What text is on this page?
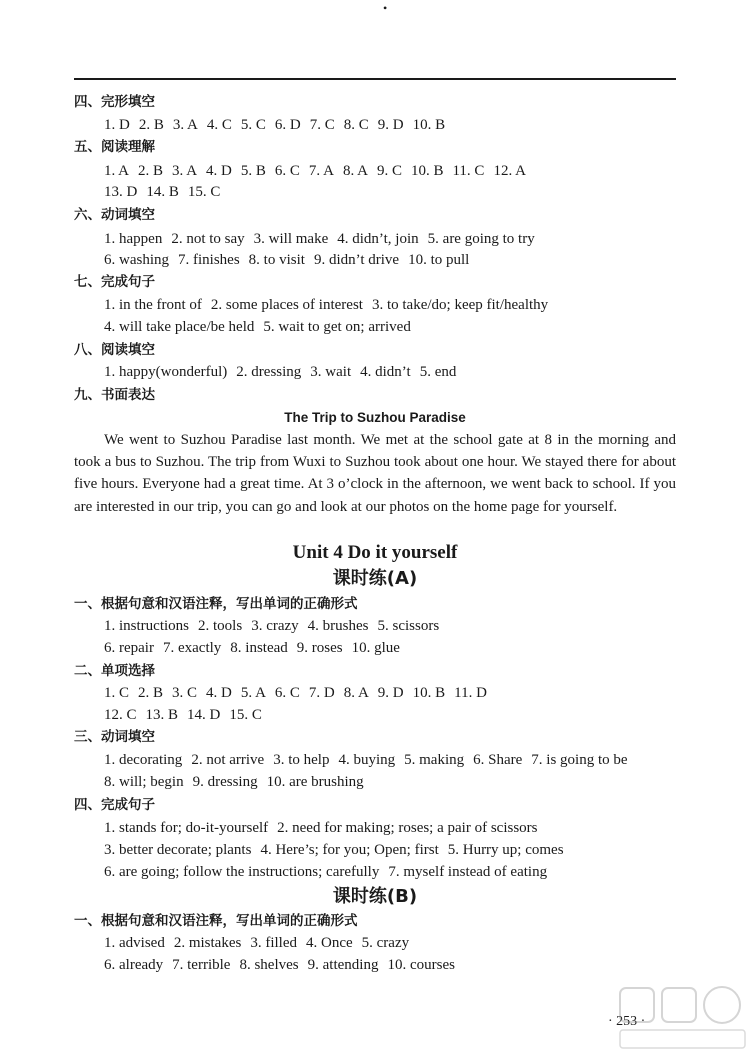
•
四、完形填空
1. D 2. B 3. A 4. C 5. C 6. D 7. C 8. C 9. D 10. B
五、阅读理解
1. A 2. B 3. A 4. D 5. B 6. C 7. A 8. A 9. C 10. B 11. C 12. A
13. D 14. B 15. C
六、动词填空
1. happen 2. not to say 3. will make 4. didn’t, join 5. are going to try
6. washing 7. finishes 8. to visit 9. didn’t drive 10. to pull
七、完成句子
1. in the front of 2. some places of interest 3. to take/do; keep fit/healthy
4. will take place/be held 5. wait to get on; arrived
八、阅读填空
1. happy(wonderful) 2. dressing 3. wait 4. didn’t 5. end
九、书面表达
The Trip to Suzhou Paradise
We went to Suzhou Paradise last month. We met at the school gate at 8 in the morning and took a bus to Suzhou. The trip from Wuxi to Suzhou took about one hour. We stayed there for about five hours. Everyone had a great time. At 3 o’clock in the afternoon, we went back to school. If you are interested in our trip, you can go and look at our photos on the home page for yourself.
Unit 4 Do it yourself
课时练(A)
一、根据句意和汉语注释，写出单词的正确形式
1. instructions 2. tools 3. crazy 4. brushes 5. scissors
6. repair 7. exactly 8. instead 9. roses 10. glue
二、单项选择
1. C 2. B 3. C 4. D 5. A 6. C 7. D 8. A 9. D 10. B 11. D
12. C 13. B 14. D 15. C
三、动词填空
1. decorating 2. not arrive 3. to help 4. buying 5. making 6. Share 7. is going to be
8. will; begin 9. dressing 10. are brushing
四、完成句子
1. stands for; do-it-yourself 2. need for making; roses; a pair of scissors
3. better decorate; plants 4. Here’s; for you; Open; first 5. Hurry up; comes
6. are going; follow the instructions; carefully 7. myself instead of eating
课时练(B)
一、根据句意和汉语注释，写出单词的正确形式
1. advised 2. mistakes 3. filled 4. Once 5. crazy
6. already 7. terrible 8. shelves 9. attending 10. courses
· 253 ·
